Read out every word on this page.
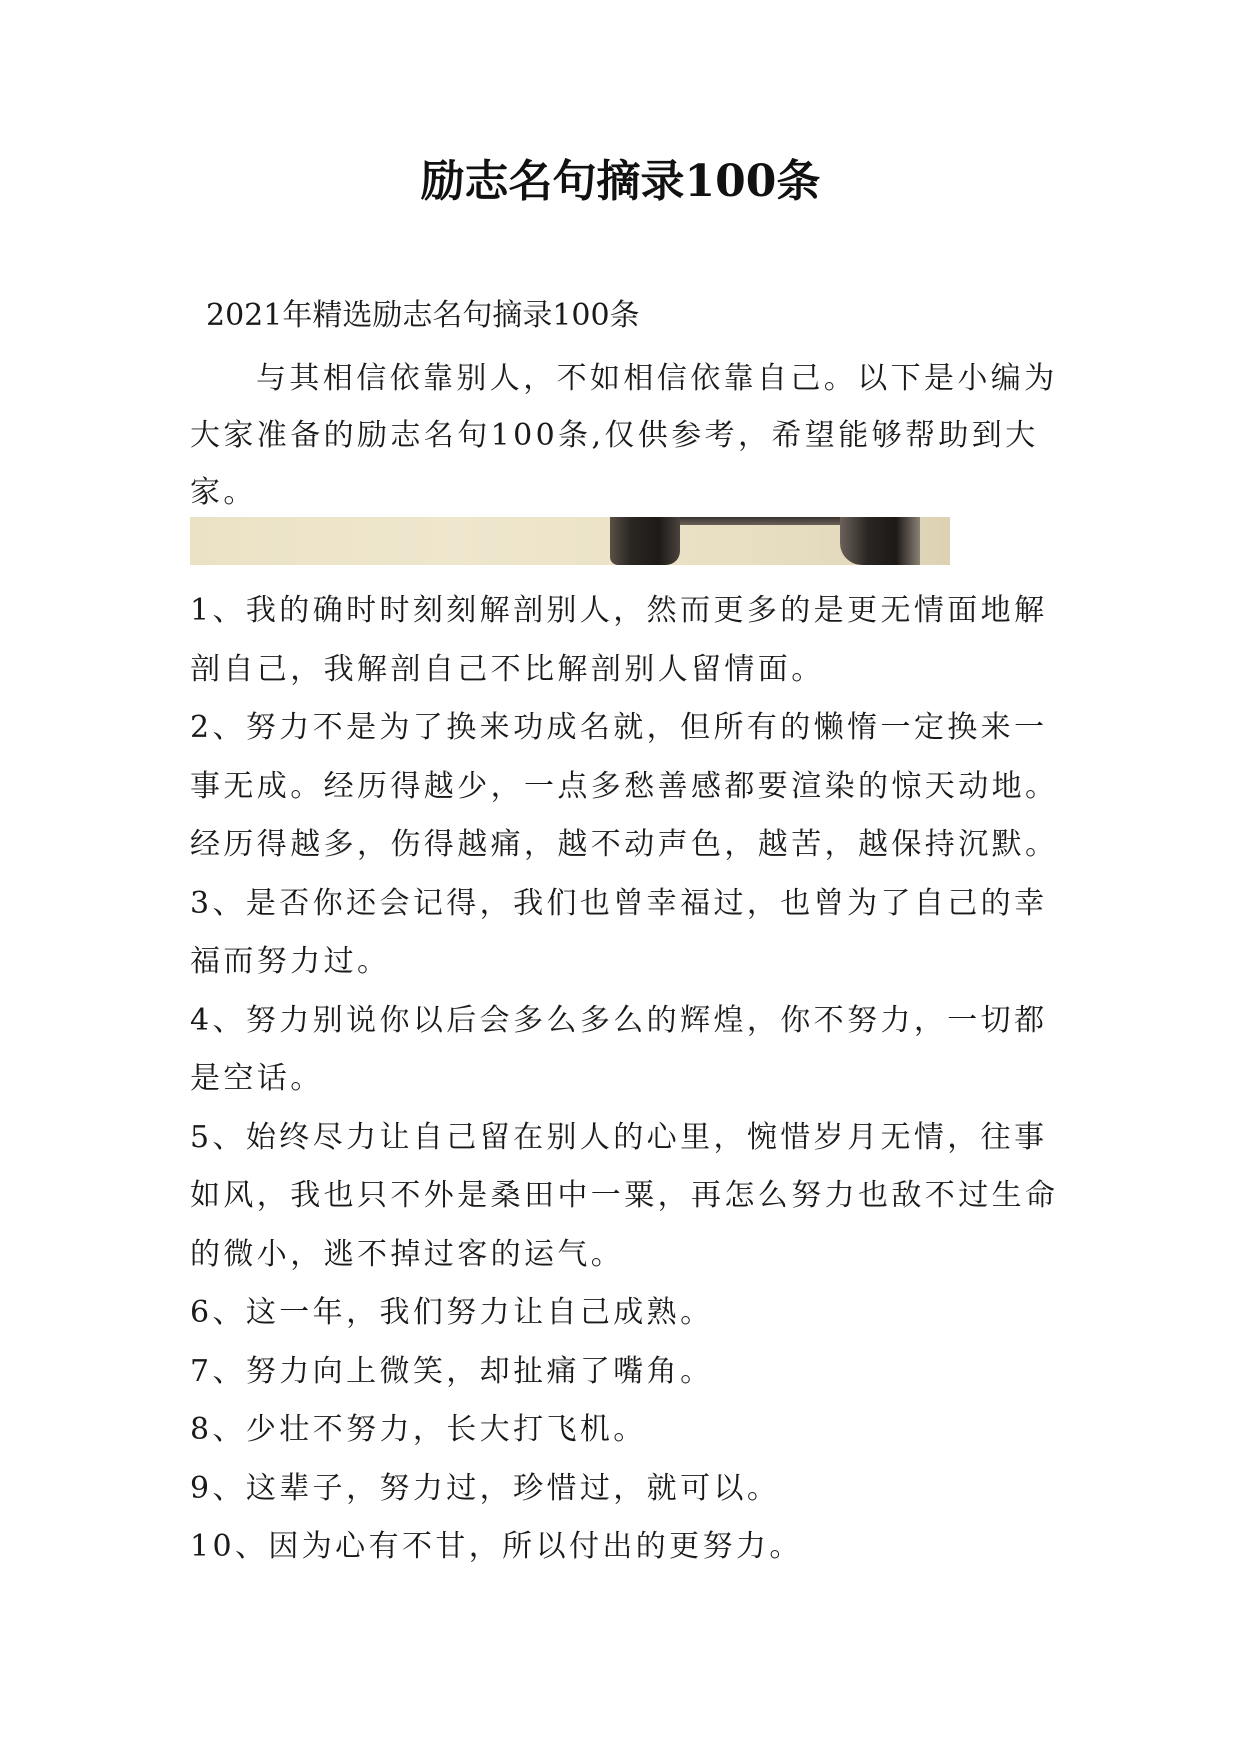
励志名句摘录100条

2021年精选励志名句摘录100条

与其相信依靠别人，不如相信依靠自己。以下是小编为大家准备的励志名句100条,仅供参考，希望能够帮助到大家。

1、我的确时时刻刻解剖别人，然而更多的是更无情面地解剖自己，我解剖自己不比解剖别人留情面。
2、努力不是为了换来功成名就，但所有的懒惰一定换来一事无成。经历得越少，一点多愁善感都要渲染的惊天动地。经历得越多，伤得越痛，越不动声色，越苦，越保持沉默。
3、是否你还会记得，我们也曾幸福过，也曾为了自己的幸福而努力过。
4、努力别说你以后会多么多么的辉煌，你不努力，一切都是空话。
5、始终尽力让自己留在别人的心里，惋惜岁月无情，往事如风，我也只不外是桑田中一粟，再怎么努力也敌不过生命的微小，逃不掉过客的运气。
6、这一年，我们努力让自己成熟。
7、努力向上微笑，却扯痛了嘴角。
8、少壮不努力，长大打飞机。
9、这辈子，努力过，珍惜过，就可以。
10、因为心有不甘，所以付出的更努力。
